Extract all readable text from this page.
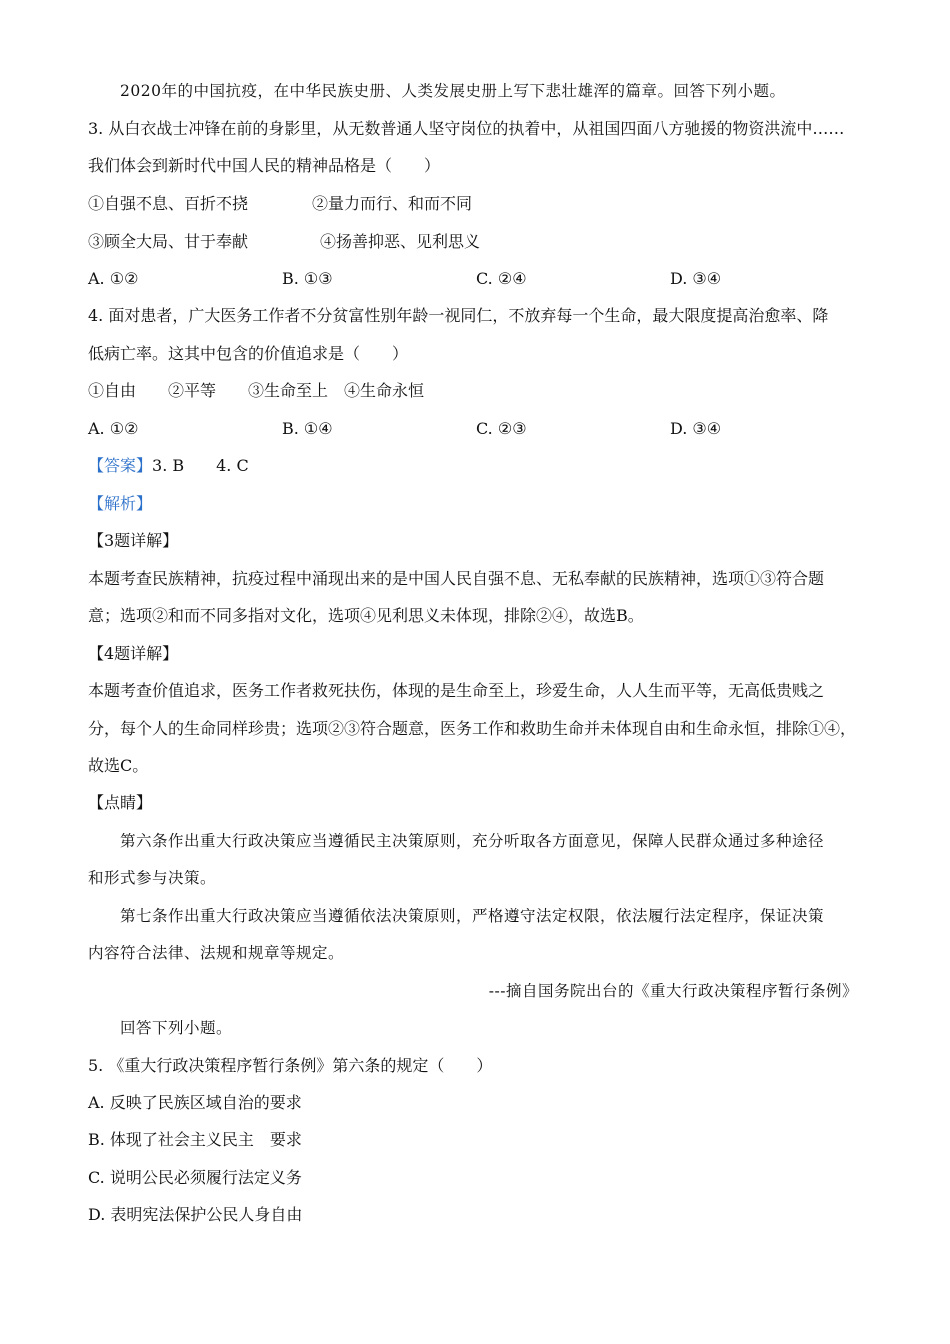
2020年的中国抗疫，在中华民族史册、人类发展史册上写下悲壮雄浑的篇章。回答下列小题。
3. 从白衣战士冲锋在前的身影里，从无数普通人坚守岗位的执着中，从祖国四面八方驰援的物资洪流中……
我们体会到新时代中国人民的精神品格是（　　）
①自强不息、百折不挠	②量力而行、和而不同
③顾全大局、甘于奉献	④扬善抑恶、见利思义
A. ①②	B. ①③	C. ②④	D. ③④
4. 面对患者，广大医务工作者不分贫富性别年龄一视同仁，不放弃每一个生命，最大限度提高治愈率、降
低病亡率。这其中包含的价值追求是（　　）
①自由　　②平等　　③生命至上　④生命永恒
A. ①②	B. ①④	C. ②③	D. ③④
【答案】3. B　　4. C
【解析】
【3题详解】
本题考查民族精神，抗疫过程中涌现出来的是中国人民自强不息、无私奉献的民族精神，选项①③符合题
意；选项②和而不同多指对文化，选项④见利思义未体现，排除②④，故选B。
【4题详解】
本题考查价值追求，医务工作者救死扶伤，体现的是生命至上，珍爱生命，人人生而平等，无高低贵贱之
分，每个人的生命同样珍贵；选项②③符合题意，医务工作和救助生命并未体现自由和生命永恒，排除①④，
故选C。
【点睛】
第六条作出重大行政决策应当遵循民主决策原则，充分听取各方面意见，保障人民群众通过多种途径
和形式参与决策。
第七条作出重大行政决策应当遵循依法决策原则，严格遵守法定权限，依法履行法定程序，保证决策
内容符合法律、法规和规章等规定。
---摘自国务院出台的《重大行政决策程序暂行条例》
回答下列小题。
5. 《重大行政决策程序暂行条例》第六条的规定（　　）
A. 反映了民族区域自治的要求
B. 体现了社会主义民主　要求
C. 说明公民必须履行法定义务
D. 表明宪法保护公民人身自由
